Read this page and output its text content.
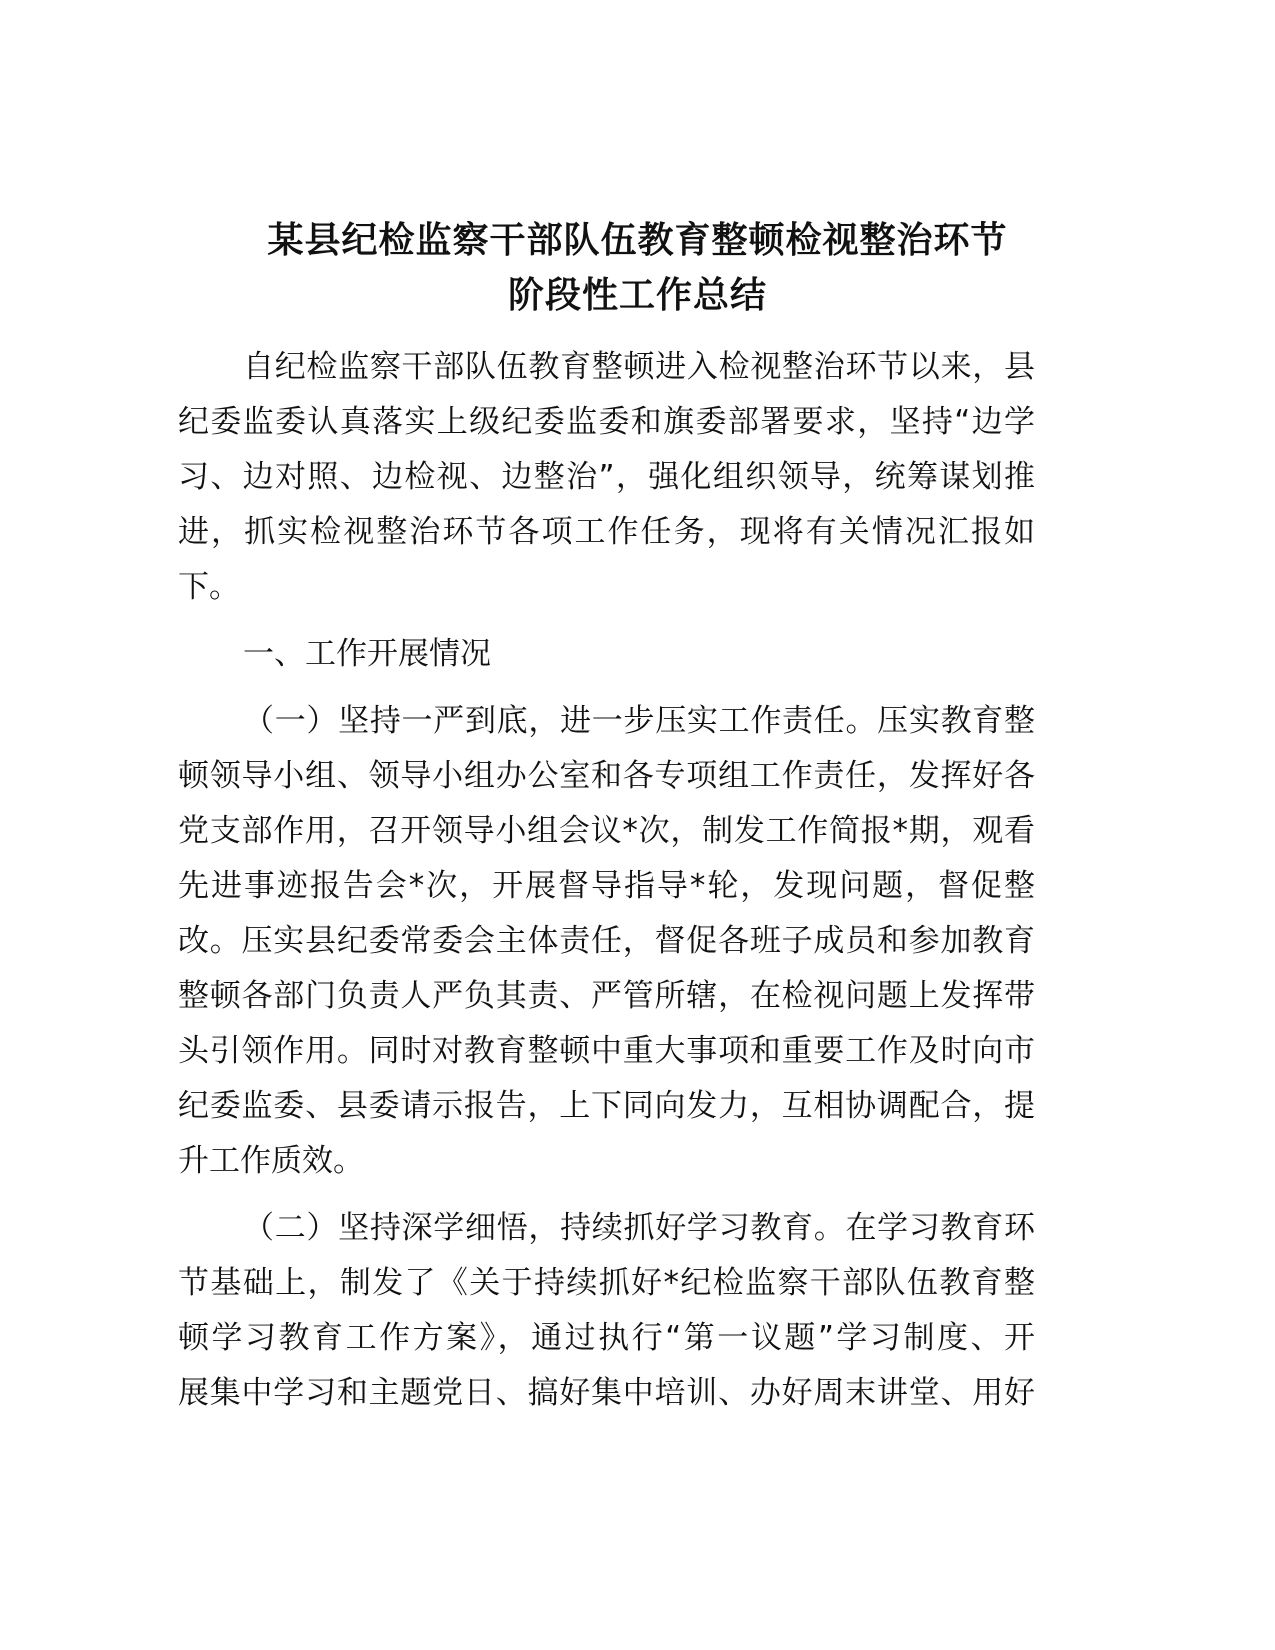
某县纪检监察干部队伍教育整顿检视整治环节
阶段性工作总结
自纪检监察干部队伍教育整顿进入检视整治环节以来，县
纪委监委认真落实上级纪委监委和旗委部署要求，坚持“边学
习、边对照、边检视、边整治”，强化组织领导，统筹谋划推
进，抓实检视整治环节各项工作任务，现将有关情况汇报如
下。
一、工作开展情况
（一）坚持一严到底，进一步压实工作责任。压实教育整
顿领导小组、领导小组办公室和各专项组工作责任，发挥好各
党支部作用，召开领导小组会议*次，制发工作简报*期，观看
先进事迹报告会*次，开展督导指导*轮，发现问题，督促整
改。压实县纪委常委会主体责任，督促各班子成员和参加教育
整顿各部门负责人严负其责、严管所辖，在检视问题上发挥带
头引领作用。同时对教育整顿中重大事项和重要工作及时向市
纪委监委、县委请示报告，上下同向发力，互相协调配合，提
升工作质效。
（二）坚持深学细悟，持续抓好学习教育。在学习教育环
节基础上，制发了《关于持续抓好*纪检监察干部队伍教育整
顿学习教育工作方案》，通过执行“第一议题”学习制度、开
展集中学习和主题党日、搞好集中培训、办好周末讲堂、用好
